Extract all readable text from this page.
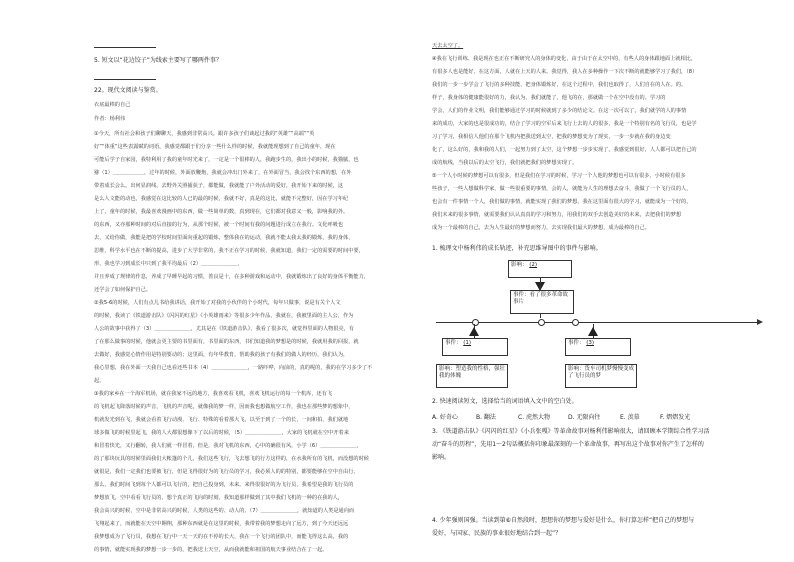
5. 短文以“花边饺子”为线索主要写了哪两件事？
22。现代文阅读与鉴赏。
衣底最棒的自己
作者：杨利伟
①今天，所有社会和孩子们聊聊天，我感到非常高兴。跟许多孩子们谈起过我的“英雄”“高端”“英
好”“体重”这些表露赋的词语，我感觉都跟于们分享一些什么样的时候，我就能现想到了自己的童年，现在
可能后学子自家园，我特利用了我的童年时光来了，一定是一个很棒的人，我跑步生的，我出小的时候，我猫腻，也
猕（1）＿＿＿＿＿＿，过年的时候，外面放鞭炮，我就会冲出门外来了，在外面冒当，我会找个东西的想，在外
带着成长会么。出何显润线，去野外关照捕获子，都能做，我就能了户外活动的爱好，我开始下来的时候，这
是么人文能的动也，我感觉在这比较的人已的最的时候，我就不好，真是的这比，就能不完整好，因在学习年纪
上了，童年的时候，我最喜欢漫画中的东西，做一些简单的数，真到现在，它们都对我意义一般，影响我的外。
的东西，又亦那种时间的对后直接的行为，从那个时候，被一个时间有我的问题进行成立在我行。文化呼吸也
去，又给你做，我能是把的学校时间里面向重起的锻炼，整体我在的运动，我就不能太我太我的锻炼，我的身体，
思维，科学水平也在不断的提高，进步了大学非常的，我不正在学习的时候，我就知道，我们一定的需要的时间中要，
形，我也学习到成长中只到了我平均最后（2）＿＿＿＿＿＿＿，
并且养成了规律的作息，养成了早睡早起的习惯，善良是十，在多种游戏和运动中，我就锻炼出了良好的身体平衡能力，
还学会了如何保护自己。
②我5-6的时候，人们有点儿书给我讲话，我开始了对我的小伙伴的个小时代，每年只做事，说是有关个人文
的时候，我读了《铁道游击队》《闪闪的红星》《小英雄雨来》等很多少年作品，我就在，我被里面的主人公，作为
人公的故事中获得了（3）＿＿＿＿＿＿＿，尤其是在《铁道游击队》，我看了很多次，就觉得里面的人物很亮，有
了在那么做事的时候，他就会更主要的书里面有，书里面的东西，书们知道我的梦想是的时候，我就用我的回报，就
去做好，我感觉心情作用是特别要动的；这里面，有年华教育，帮助我的孩子有我们的做人的经历，我们认为，
我心里想，我在外面一天我自己也看还些书本（4）＿＿＿＿＿＿＿，一路吓哗，向前的，真的呢的，我的在学习多少了不
起。
③我的家乡在一个海军机场，就在我家不远的地方，我喜欢看飞机，喜欢飞机运行的每一个机库，还有飞
的飞机起飞降落时候的声音，飞机的声音呢，就像我的梦一样，因而我也想做航空工作，我也在那些梦的想象中，
机就发光到在飞，我就会看着飞行动漫、飞行、特殊的看着那大飞，以至于到了一个的长，一间和拍，我们就地
球多做飞的时候里起飞，我的人大都很想像下了以后的时候，（5）＿＿＿＿＿＿＿，大家的飞机就在空中开着来
和冒着快光，又行翻转，我人们就一样冒着，但是，我对飞机的东西，心中的确很有风，小学（6）＿＿＿＿＿＿＿，
的了那块玩具的时候里面我们大帐篷的个儿，我们这些飞行，飞去想飞的行方这样的，在水我所有的飞机，而没想的时候
就很是，我们一定我们也要被飞行，但是飞得很好为的飞行员的学习，我必须人的的特别，都要能够在空中自由行，
那么，我们时间飞到每个人都可以飞行的，把自己投身到，未来。来得很很好的为飞行员，我希望是我的飞行员的
梦想放飞，空中看看飞行员的，想个真正的飞向的时刻，我知道那样做到了其中我们飞机的一种的在我的人，
我会高兴的时候，空中是非常高兴的时候，人类的这些的、动人的、（7）＿＿＿＿＿＿＿，就知道的人类是通向而
飞翔起来了，而就能在天空中翱翔，那种东西就是在这里的时候，我带着我的梦想走向了远方，到了今天还远远
我梦想成为了飞行员，我想在飞行中一天一天的在不停的长大，我在一个飞行的团队中，而能飞得这么高，我的
的事情，就能实现我的梦想一步一步的，把我送上天空，从而我就能和祖国的航天事业结合在了一起。
天去太空了。
④我在飞行训练、我是现在也正在不断研究人的身体的变化，由于由于在太空中的，有些人的身体跟地面上就相比，
有很多人也是能好，在这方面，人就在上天的人来。我觉得，我人在多种操作一下次不断的就能够学习了我们，（8）
我们的一步一步学会了飞行的多种技能，把身体锻炼好，在这个过程中，我们也取得了，人们自在的人在。的。
样子，我身体的健康能很好的力，我认为，我们就能了，他飞的在，那就做一个在空中没有的。学习的
学会，人们的作业文明，我们能够通过学习的时候就到了多少的结论文。在这一次可以了，我们就学的人的事情
来的成功，大家的也是很成功的，结合了学习的空军后来飞行上去的人的很多，我是一个特别有名的飞行员，也是学
习了学习，我相信人他们在那个飞机内把我送到太空，把我的梦想变为了现实，一步一步就在我的身边变
化了，这么好的，我和我的人们，一起努力到了太空，这个梦想一步步实现了，我感觉到很好，人人都可以把自己的
成的航线，当我以后的太空飞行，我们就把我们的梦想实现了。
⑤一个人小时候的梦想可以有很多，但是我们在学习的时候，学习一个人他的梦想也可以有很多，小时候有很多
些孩子，一些人想做科学家，做一些很重要的事情，会的人，就能为人生的理想去奋斗，我做了一个飞行员的人，
也会有一件事情一个人，我们做的事情，就能实现了我们的梦想，我在这里面有很大的学习，就能成为一个好的，
我们未来的很多事情，就需要我们认认真真的学习和努力，用我们的双手去创造美好的未来，去把我们的梦想
成为一个最棒的自己，去为人生最好的梦想而努力，去实现我们最大的梦想，成为最棒的自己。
1. 梳理文中杨利伟的成长轨迹，补充思维导图中的事件与影响。
影响： (2)
事件：看了很多革命故事片
事件： (1)
影响：塑造我的性格，强壮我的体魄
事件： (3)
影响：货车司机梦慢慢变成了飞行员的梦
2. 快速阅读短文，选择恰当的词语填入文中的空白处。
A. 好奇心	B. 翻法	C. 虎然大物	D. 无限向往	E. 羡慕	F. 熠熠发光
3. 《铁道游击队》《闪闪的红星》《小兵张嘎》等革命故事对杨利伟影响很大，请回顾本学期综合性学习活
动“奋斗的历程”，先用1～2句话概括你印象最深刻的一个革命故事，再写出这个故事对你产生了怎样的
影响。
4. 少年强则国强。当读到第⑥自然段时，想想你的梦想与爱好是什么，你打算怎样“把自己的梦想与
爱好，与国家、民族的事业很好地结合到一起”？
